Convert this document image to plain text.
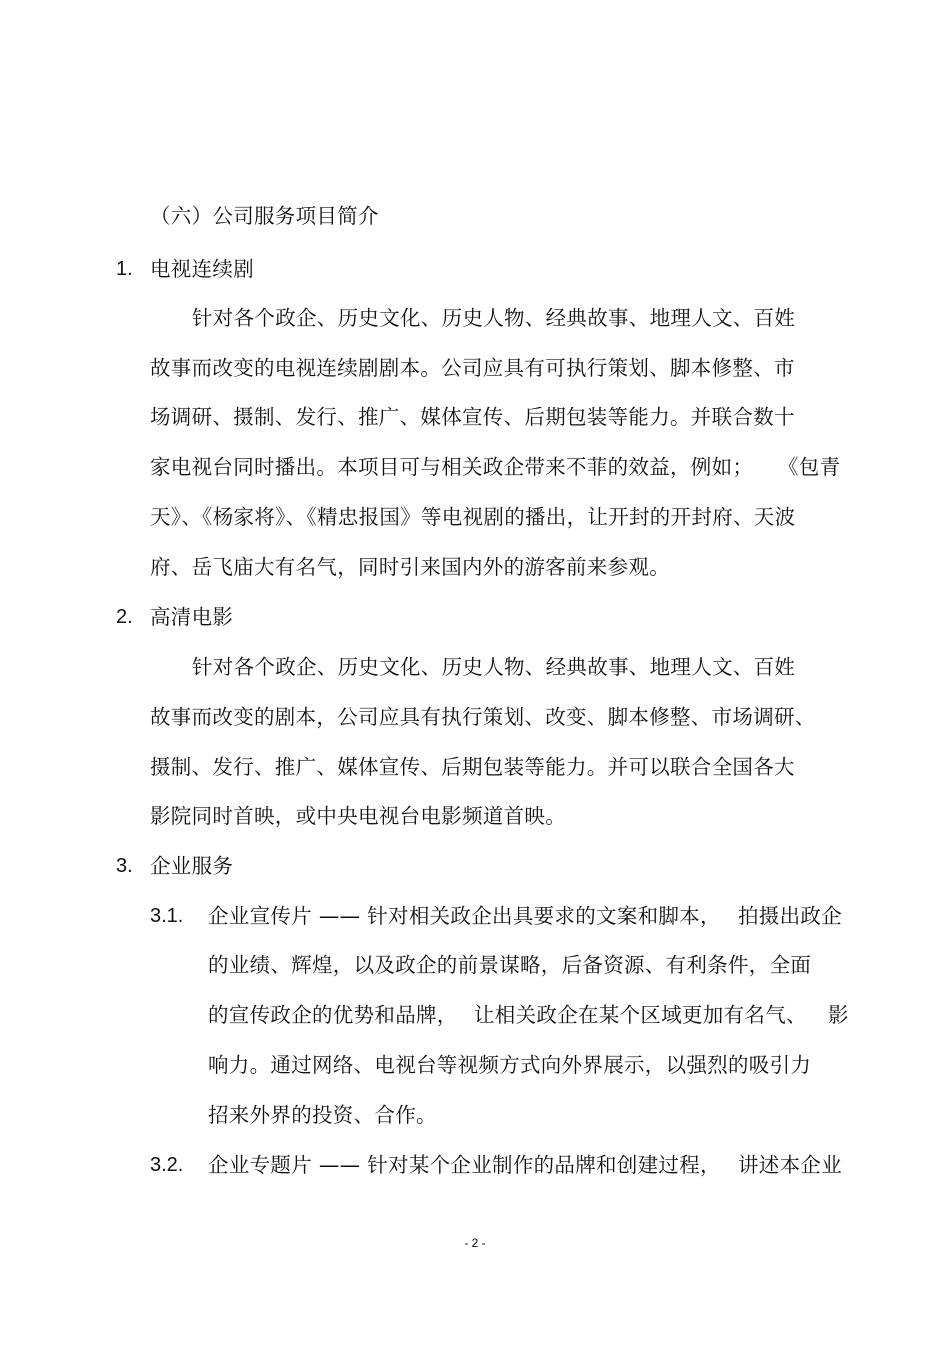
（六）公司服务项目简介
1. 电视连续剧
针对各个政企、历史文化、历史人物、经典故事、地理人文、百姓
故事而改变的电视连续剧剧本。公司应具有可执行策划、脚本修整、市
场调研、摄制、发行、推广、媒体宣传、后期包装等能力。并联合数十
家电视台同时播出。本项目可与相关政企带来不菲的效益，例如； 《包青
天》、《杨家将》、《精忠报国》等电视剧的播出，让开封的开封府、天波
府、岳飞庙大有名气，同时引来国内外的游客前来参观。
2. 高清电影
针对各个政企、历史文化、历史人物、经典故事、地理人文、百姓
故事而改变的剧本，公司应具有执行策划、改变、脚本修整、市场调研、
摄制、发行、推广、媒体宣传、后期包装等能力。并可以联合全国各大
影院同时首映，或中央电视台电影频道首映。
3. 企业服务
3.1. 企业宣传片 —— 针对相关政企出具要求的文案和脚本， 拍摄出政企
的业绩、辉煌，以及政企的前景谋略，后备资源、有利条件，全面
的宣传政企的优势和品牌， 让相关政企在某个区域更加有名气、 影
响力。通过网络、电视台等视频方式向外界展示，以强烈的吸引力
招来外界的投资、合作。
3.2. 企业专题片 —— 针对某个企业制作的品牌和创建过程， 讲述本企业
- 2 -
